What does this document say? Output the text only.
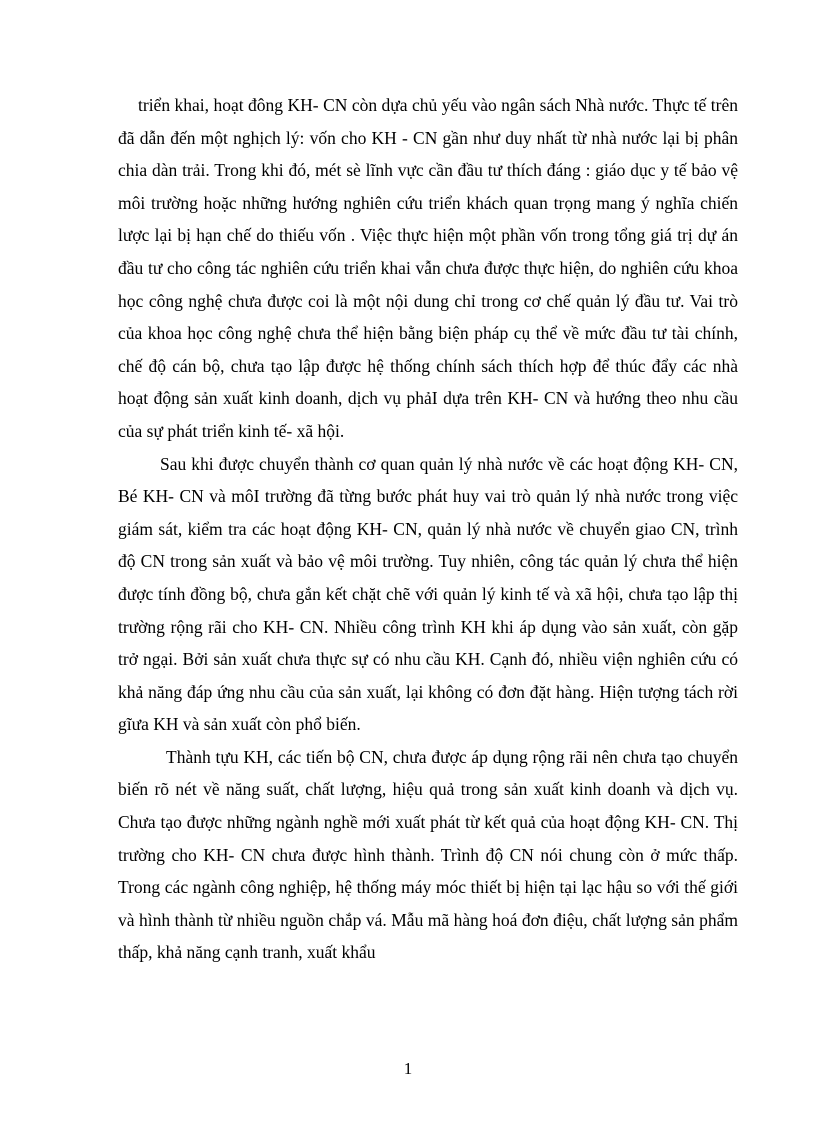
triển khai, hoạt đông KH- CN còn dựa chủ yếu vào ngân sách Nhà nước. Thực tế trên đã dẫn đến một nghịch lý: vốn cho KH - CN gần như duy nhất từ nhà nước lại bị phân chia dàn trải. Trong khi đó, mét sè lĩnh vực cần đầu tư thích đáng : giáo dục y tế bảo vệ môi trường hoặc những hướng nghiên cứu triển khách quan trọng mang ý nghĩa chiến lược lại bị hạn chế do thiếu vốn . Việc thực hiện một phần vốn trong tổng giá trị dự án đầu tư cho công tác nghiên cứu triển khai vẫn chưa được thực hiện, do nghiên cứu khoa học công nghệ chưa được coi là một nội dung chỉ trong cơ chế quản lý đầu tư. Vai trò của khoa học công nghệ chưa thể hiện bằng biện pháp cụ thể về mức đầu tư tài chính, chế độ cán bộ, chưa tạo lập được hệ thống chính sách thích hợp để thúc đẩy các nhà hoạt động sản xuất kinh doanh, dịch vụ phảI dựa trên KH- CN và hướng theo nhu cầu của sự phát triển kinh tế- xã hội.

Sau khi được chuyển thành cơ quan quản lý nhà nước về các hoạt động KH- CN, Bé KH- CN và môI trường đã từng bước phát huy vai trò quản lý nhà nước trong việc giám sát, kiểm tra các hoạt động KH- CN, quản lý nhà nước về chuyển giao CN, trình độ CN trong sản xuất và bảo vệ môi trường. Tuy nhiên, công tác quản lý chưa thể hiện được tính đồng bộ, chưa gắn kết chặt chẽ với quản lý kinh tế và xã hội, chưa tạo lập thị trường rộng rãi cho KH- CN. Nhiều công trình KH khi áp dụng vào sản xuất, còn gặp trở ngại. Bởi sản xuất chưa thực sự có nhu cầu KH. Cạnh đó, nhiều viện nghiên cứu có khả năng đáp ứng nhu cầu của sản xuất, lại không có đơn đặt hàng. Hiện tượng tách rời gĩưa KH và sản xuất còn phổ biến.

Thành tựu KH, các tiến bộ CN, chưa được áp dụng rộng rãi nên chưa tạo chuyển biến rõ nét về năng suất, chất lượng, hiệu quả trong sản xuất kinh doanh và dịch vụ. Chưa tạo được những ngành nghề mới xuất phát từ kết quả của hoạt động KH- CN. Thị trường cho KH- CN chưa được hình thành. Trình độ CN nói chung còn ở mức thấp. Trong các ngành công nghiệp, hệ thống máy móc thiết bị hiện tại lạc hậu so với thế giới và hình thành từ nhiều nguồn chắp vá. Mẫu mã hàng hoá đơn điệu, chất lượng sản phẩm thấp, khả năng cạnh tranh, xuất khẩu

1
